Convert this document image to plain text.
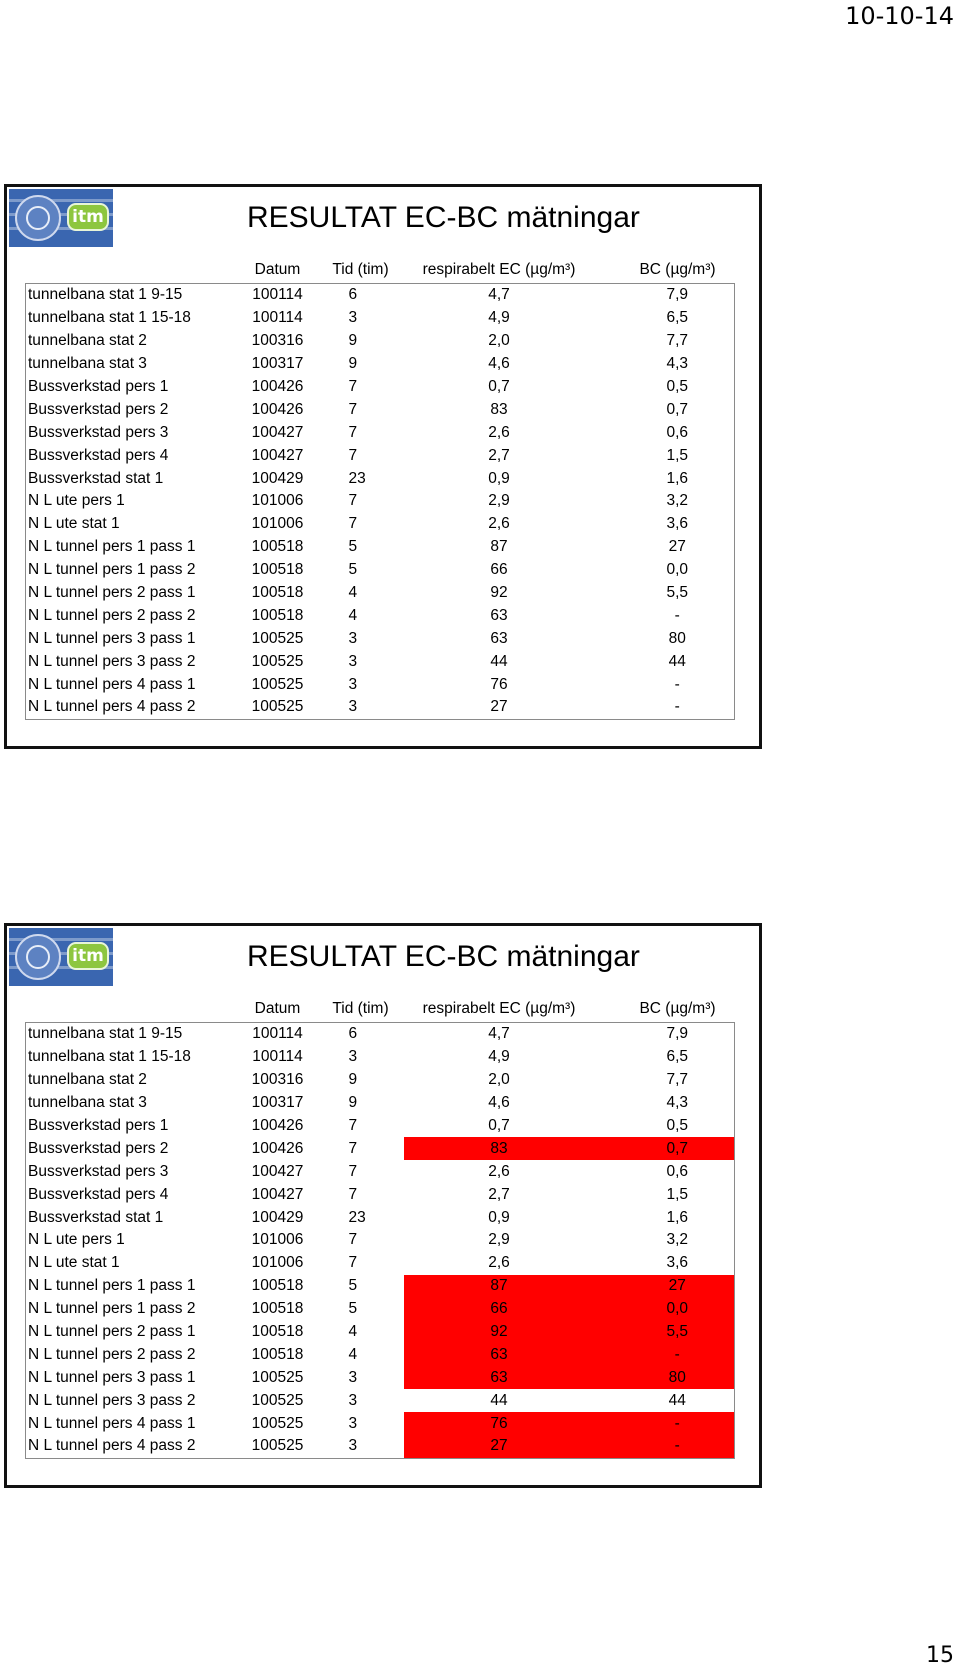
10-10-14
itm	RESULTAT EC-BC mätningar
	Datum	Tid (tim)	respirabelt EC (µg/m³)	BC (µg/m³)
tunnelbana stat 1 9-15	100114	6	4,7	7,9
tunnelbana stat 1 15-18	100114	3	4,9	6,5
tunnelbana stat 2	100316	9	2,0	7,7
tunnelbana stat 3	100317	9	4,6	4,3
Bussverkstad pers 1	100426	7	0,7	0,5
Bussverkstad pers 2	100426	7	83	0,7
Bussverkstad pers 3	100427	7	2,6	0,6
Bussverkstad pers 4	100427	7	2,7	1,5
Bussverkstad stat 1	100429	23	0,9	1,6
N L ute pers 1	101006	7	2,9	3,2
N L ute stat 1	101006	7	2,6	3,6
N L tunnel pers 1 pass 1	100518	5	87	27
N L tunnel pers 1 pass 2	100518	5	66	0,0
N L tunnel pers 2 pass 1	100518	4	92	5,5
N L tunnel pers 2 pass 2	100518	4	63	-
N L tunnel pers 3 pass 1	100525	3	63	80
N L tunnel pers 3 pass 2	100525	3	44	44
N L tunnel pers 4 pass 1	100525	3	76	-
N L tunnel pers 4 pass 2	100525	3	27	-
itm	RESULTAT EC-BC mätningar
	Datum	Tid (tim)	respirabelt EC (µg/m³)	BC (µg/m³)
tunnelbana stat 1 9-15	100114	6	4,7	7,9
tunnelbana stat 1 15-18	100114	3	4,9	6,5
tunnelbana stat 2	100316	9	2,0	7,7
tunnelbana stat 3	100317	9	4,6	4,3
Bussverkstad pers 1	100426	7	0,7	0,5
Bussverkstad pers 2	100426	7	83	0,7
Bussverkstad pers 3	100427	7	2,6	0,6
Bussverkstad pers 4	100427	7	2,7	1,5
Bussverkstad stat 1	100429	23	0,9	1,6
N L ute pers 1	101006	7	2,9	3,2
N L ute stat 1	101006	7	2,6	3,6
N L tunnel pers 1 pass 1	100518	5	87	27
N L tunnel pers 1 pass 2	100518	5	66	0,0
N L tunnel pers 2 pass 1	100518	4	92	5,5
N L tunnel pers 2 pass 2	100518	4	63	-
N L tunnel pers 3 pass 1	100525	3	63	80
N L tunnel pers 3 pass 2	100525	3	44	44
N L tunnel pers 4 pass 1	100525	3	76	-
N L tunnel pers 4 pass 2	100525	3	27	-
15
